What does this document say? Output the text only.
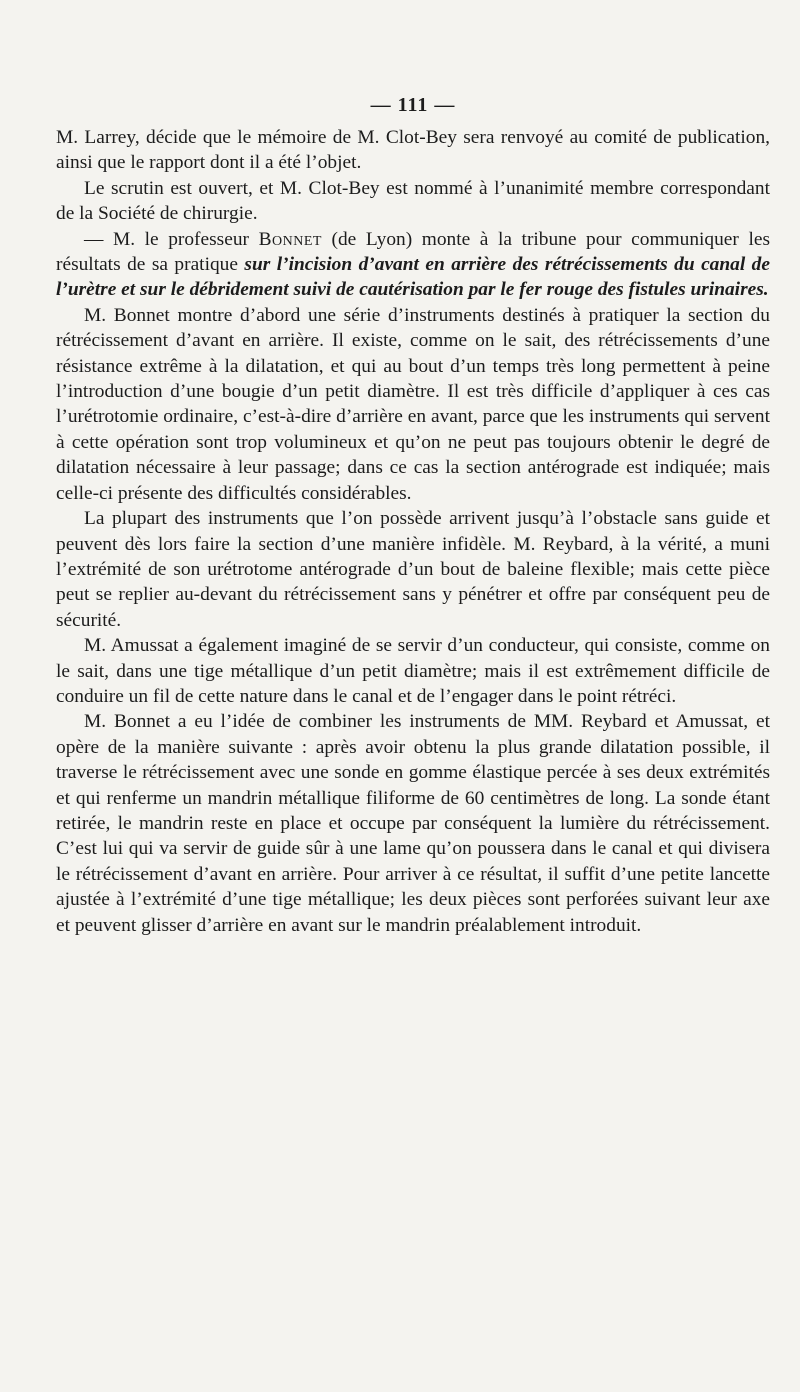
— 111 —

M. Larrey, décide que le mémoire de M. Clot-Bey sera renvoyé au comité de publication, ainsi que le rapport dont il a été l’objet.

Le scrutin est ouvert, et M. Clot-Bey est nommé à l’unanimité membre correspondant de la Société de chirurgie.

— M. le professeur Bonnet (de Lyon) monte à la tribune pour communiquer les résultats de sa pratique sur l’incision d’avant en arrière des rétrécissements du canal de l’urètre et sur le débridement suivi de cautérisation par le fer rouge des fistules urinaires.

M. Bonnet montre d’abord une série d’instruments destinés à pratiquer la section du rétrécissement d’avant en arrière. Il existe, comme on le sait, des rétrécissements d’une résistance extrême à la dilatation, et qui au bout d’un temps très long permettent à peine l’introduction d’une bougie d’un petit diamètre. Il est très difficile d’appliquer à ces cas l’urétrotomie ordinaire, c’est-à-dire d’arrière en avant, parce que les instruments qui servent à cette opération sont trop volumineux et qu’on ne peut pas toujours obtenir le degré de dilatation nécessaire à leur passage; dans ce cas la section antérograde est indiquée; mais celle-ci présente des difficultés considérables.

La plupart des instruments que l’on possède arrivent jusqu’à l’obstacle sans guide et peuvent dès lors faire la section d’une manière infidèle. M. Reybard, à la vérité, a muni l’extrémité de son urétrotome antérograde d’un bout de baleine flexible; mais cette pièce peut se replier au-devant du rétrécissement sans y pénétrer et offre par conséquent peu de sécurité.

M. Amussat a également imaginé de se servir d’un conducteur, qui consiste, comme on le sait, dans une tige métallique d’un petit diamètre; mais il est extrêmement difficile de conduire un fil de cette nature dans le canal et de l’engager dans le point rétréci.

M. Bonnet a eu l’idée de combiner les instruments de MM. Reybard et Amussat, et opère de la manière suivante : après avoir obtenu la plus grande dilatation possible, il traverse le rétrécissement avec une sonde en gomme élastique percée à ses deux extrémités et qui renferme un mandrin métallique filiforme de 60 centimètres de long. La sonde étant retirée, le mandrin reste en place et occupe par conséquent la lumière du rétrécissement. C’est lui qui va servir de guide sûr à une lame qu’on poussera dans le canal et qui divisera le rétrécissement d’avant en arrière. Pour arriver à ce résultat, il suffit d’une petite lancette ajustée à l’extrémité d’une tige métallique; les deux pièces sont perforées suivant leur axe et peuvent glisser d’arrière en avant sur le mandrin préalablement introduit.
